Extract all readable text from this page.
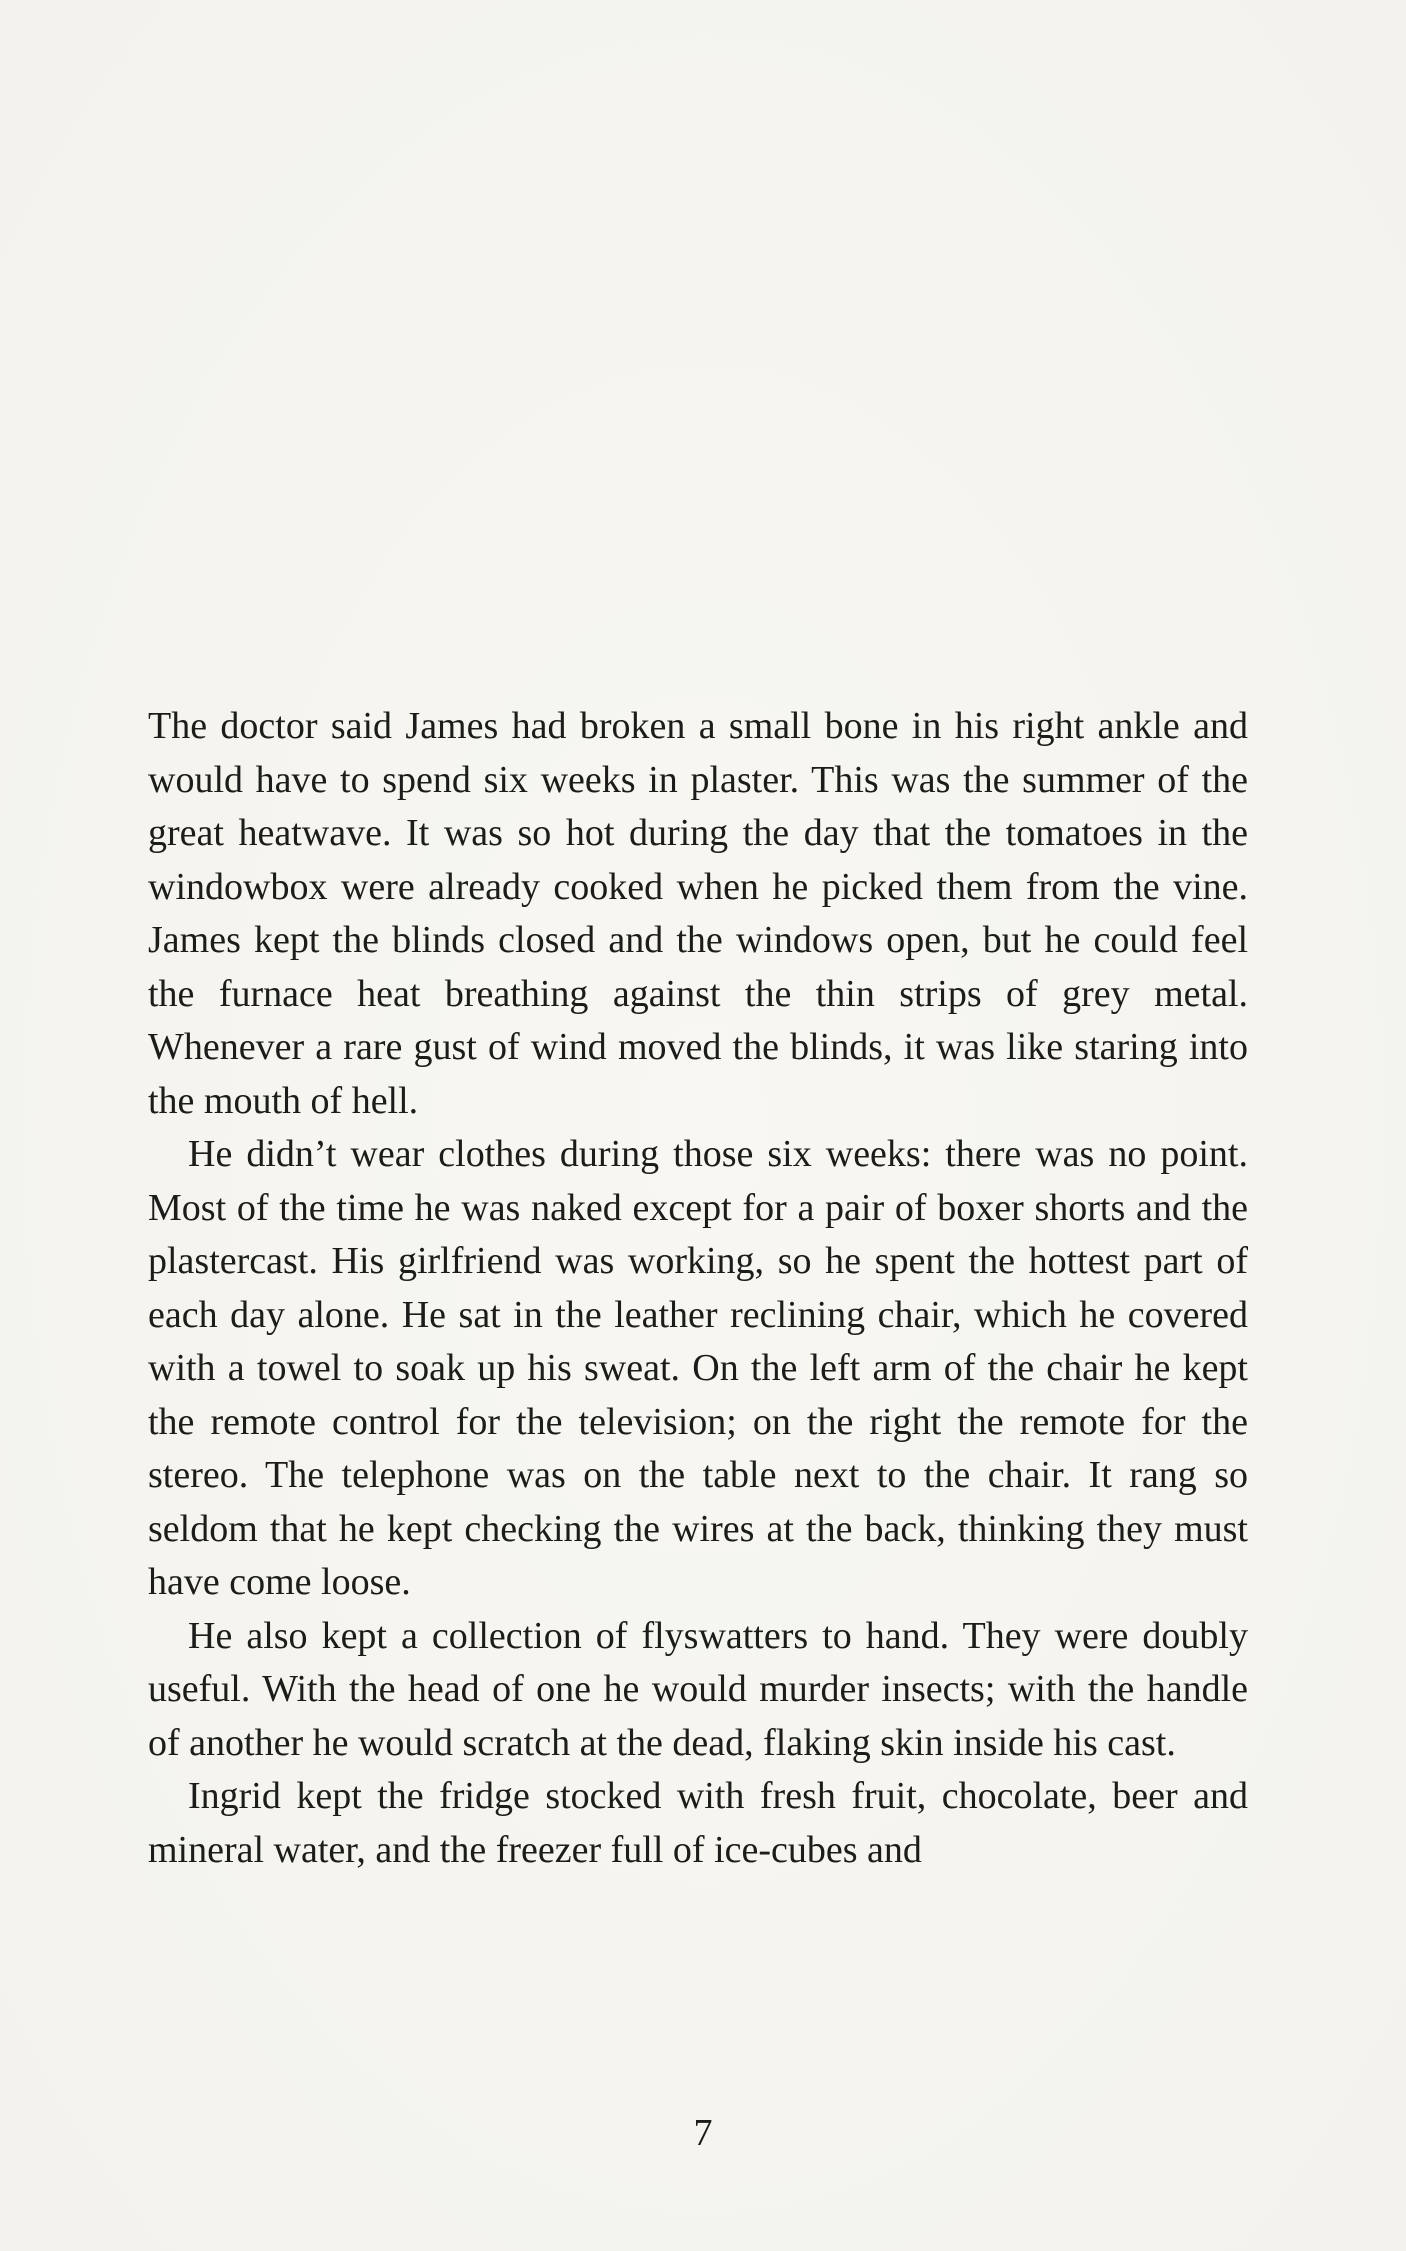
The doctor said James had broken a small bone in his right ankle and would have to spend six weeks in plaster. This was the summer of the great heatwave. It was so hot during the day that the tomatoes in the windowbox were already cooked when he picked them from the vine. James kept the blinds closed and the windows open, but he could feel the furnace heat breathing against the thin strips of grey metal. Whenever a rare gust of wind moved the blinds, it was like staring into the mouth of hell.

He didn’t wear clothes during those six weeks: there was no point. Most of the time he was naked except for a pair of boxer shorts and the plastercast. His girlfriend was working, so he spent the hottest part of each day alone. He sat in the leather reclining chair, which he covered with a towel to soak up his sweat. On the left arm of the chair he kept the remote control for the television; on the right the remote for the stereo. The telephone was on the table next to the chair. It rang so seldom that he kept checking the wires at the back, thinking they must have come loose.

He also kept a collection of flyswatters to hand. They were doubly useful. With the head of one he would murder insects; with the handle of another he would scratch at the dead, flaking skin inside his cast.

Ingrid kept the fridge stocked with fresh fruit, chocolate, beer and mineral water, and the freezer full of ice-cubes and

7
